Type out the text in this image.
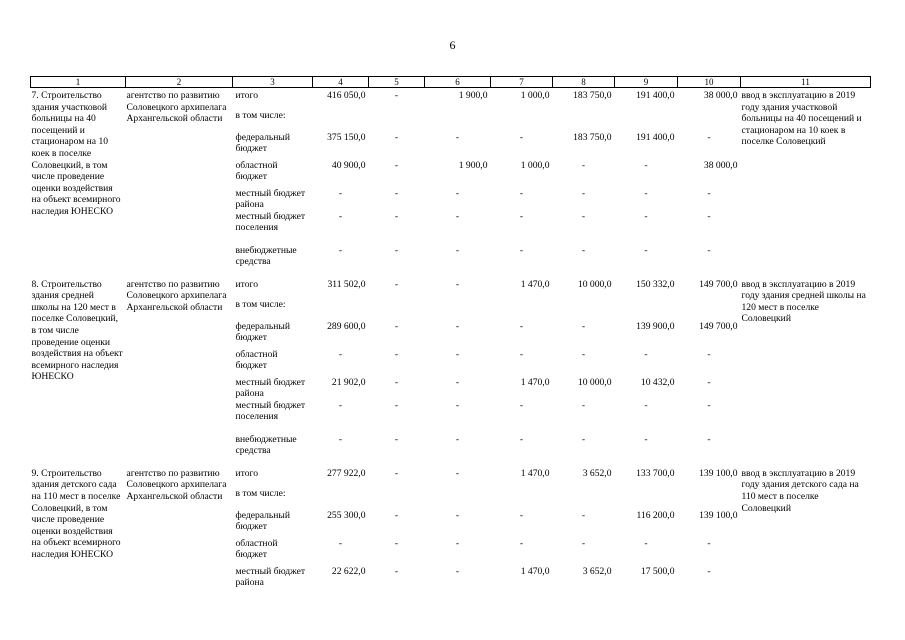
6
1	2	3	4	5	6	7	8	9	10	11
7. Строительство здания участковой больницы на 40 посещений и стационаром на 10 коек в поселке Соловецкий, в том числе проведение оценки воздействия на объект всемирного наследия ЮНЕСКО	агентство по развитию Соловецкого архипелага Архангельской области	итого	416 050,0	-	1 900,0	1 000,0	183 750,0	191 400,0	38 000,0	ввод в эксплуатацию в 2019 году здания участковой больницы на 40 посещений и стационаром на 10 коек в поселке Соловецкий
		в том числе:								
		федеральный бюджет	375 150,0	-	-	-	183 750,0	191 400,0	-	
		областной бюджет	40 900,0	-	1 900,0	1 000,0	-	-	38 000,0	
		местный бюджет района	-	-	-	-	-	-	-	
		местный бюджет поселения	-	-	-	-	-	-	-	
		внебюджетные средства	-	-	-	-	-	-	-	

8. Строительство здания средней школы на 120 мест в поселке Соловецкий, в том числе проведение оценки воздействия на объект всемирного наследия ЮНЕСКО	агентство по развитию Соловецкого архипелага Архангельской области	итого	311 502,0	-	-	1 470,0	10 000,0	150 332,0	149 700,0	ввод в эксплуатацию в 2019 году здания средней школы на 120 мест в поселке Соловецкий
		в том числе:								
		федеральный бюджет	289 600,0	-	-	-	-	139 900,0	149 700,0	
		областной бюджет	-	-	-	-	-	-	-	
		местный бюджет района	21 902,0	-	-	1 470,0	10 000,0	10 432,0	-	
		местный бюджет поселения	-	-	-	-	-	-	-	
		внебюджетные средства	-	-	-	-	-	-	-	

9. Строительство здания детского сада на 110 мест в поселке Соловецкий, в том числе проведение оценки воздействия на объект всемирного наследия ЮНЕСКО	агентство по развитию Соловецкого архипелага Архангельской области	итого	277 922,0	-	-	1 470,0	3 652,0	133 700,0	139 100,0	ввод в эксплуатацию в 2019 году здания детского сада на 110 мест в поселке Соловецкий
		в том числе:								
		федеральный бюджет	255 300,0	-	-	-	-	116 200,0	139 100,0	
		областной бюджет	-	-	-	-	-	-	-	
		местный бюджет района	22 622,0	-	-	1 470,0	3 652,0	17 500,0	-	
